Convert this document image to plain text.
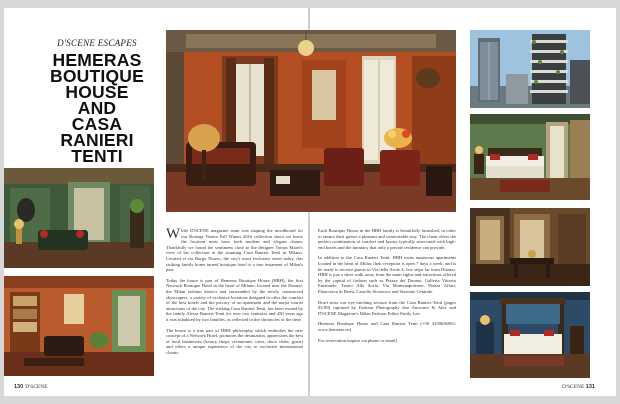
D'SCENE ESCAPES
HEMERAS
BOUTIQUE
HOUSE
AND
CASA
RANIERI
TENTI

While D'SCENE magazine team was shaping the moodboard for our Bottega Veneta Fall Winter 2016 collection shoot we knew the location must have both modern and elegant charm. Thankfully we found the sentiment close to the designer Tomas Maier's view of his collection at the stunning Casa Ranieri Tenti in Milano. Located at via Borgo Nuovo, the city's most exclusive street today, this striking family home turned boutique hotel is a true testament of Milan's past.

Today the house is part of Hemeras Boutique House (HBH), the first Network Boutique Hotel in the heart of Milano, located near the Duomo, the Milan fashion district and surrounded by the newly constructed skyscrapers, a variety of exclusive locations designed to offer the comfort of the best hotels and the privacy of an apartment and the major tourist attractions of the city. The striking Casa Ranieri Tenti, has been owned by the family Alesse Ranieri-Tenti for over two centuries and 450 years ago it was inhabited by two families, as reflected in the chronicles of the time.

The house is a true part of HBH philosophy which embodies the new concept of a Network Hotel, promotes the destination, appreciates the best of local businesses (luxury shops, restaurants, cafes, disco clubs, gyms) and offers a unique experience of the city to exclusive international clients.

Each Boutique House in the HBH family is beautifully furnished, in order to ensure their guests a pleasant and comfortable stay. The chain offers the perfect combination of comfort and luxury typically associated with high-end hotels and the intimacy that only a private residence can provide.

In addition to the Casa Ranieri Tenti, HBH owns numerous apartments located in the heart of Milan, their reception is open 7 days a week, and is be ready to receive guests in Via delle Asole 4, few steps far from Duomo. HBH is just a short walk away from the main sights and attractions offered by the capital of fashion such as Piazza dei Duomo, Galleria Vittorio Emanuele, Teatro Alla Scala, Via Montenapoleone, Piazza Affari, Pinacoteca di Brera, Castello Sforzesco and Stazione Centrale.

Don't miss our eye-catching session from the Casa Ranieri-Tenti (pages 83-89) captured by Fashion Photography duo Amicarre & Alex and D'SCENE Magazine's Milan Fashion Editor Emily Lee.

Hemeras Boutique House and Casa Ranieri Tenti (+39 3339636063; www.hemeras.eu)

For reservation inquire via phone or email)

130 D'SCENE	D'SCENE 131
